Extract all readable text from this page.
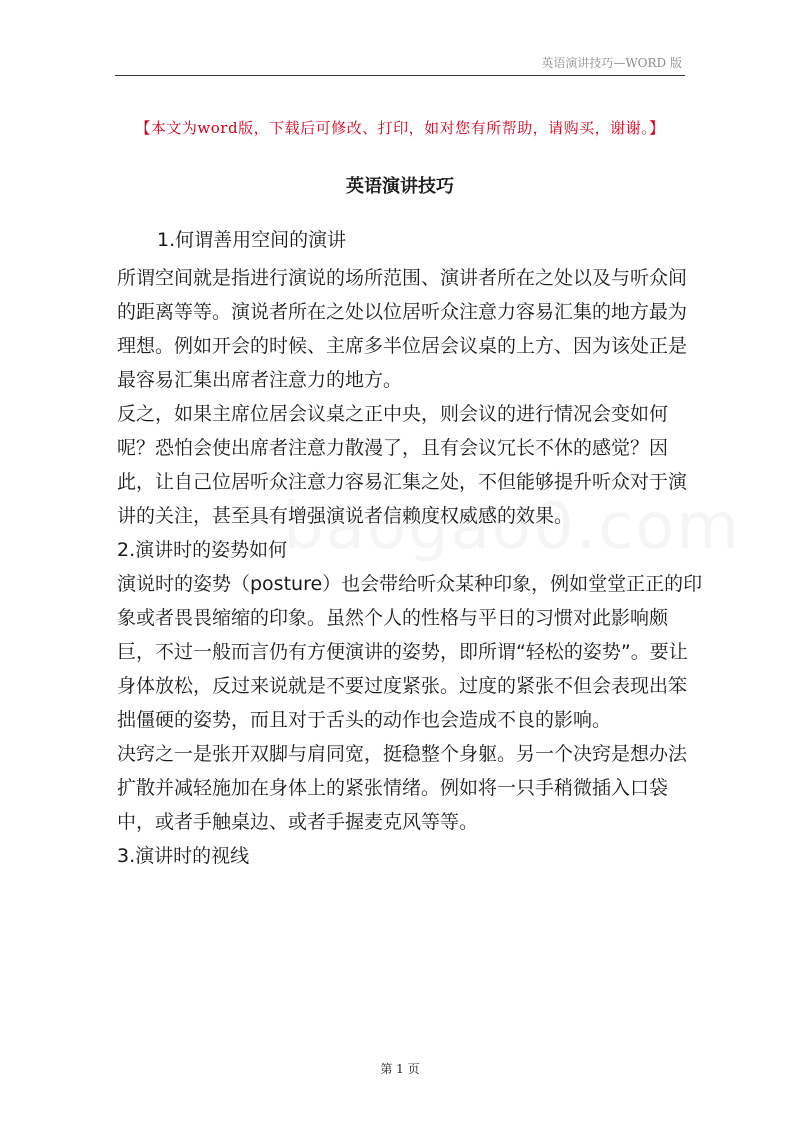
英语演讲技巧—WORD 版
【本文为word版，下载后可修改、打印，如对您有所帮助，请购买，谢谢。】
英语演讲技巧
1.何谓善用空间的演讲
所谓空间就是指进行演说的场所范围、演讲者所在之处以及与听众间
的距离等等。演说者所在之处以位居听众注意力容易汇集的地方最为
理想。例如开会的时候、主席多半位居会议桌的上方、因为该处正是
最容易汇集出席者注意力的地方。
反之，如果主席位居会议桌之正中央，则会议的进行情况会变如何
呢？恐怕会使出席者注意力散漫了，且有会议冗长不休的感觉？因
此，让自己位居听众注意力容易汇集之处，不但能够提升听众对于演
讲的关注，甚至具有增强演说者信赖度权威感的效果。
2.演讲时的姿势如何
演说时的姿势（posture）也会带给听众某种印象，例如堂堂正正的印
象或者畏畏缩缩的印象。虽然个人的性格与平日的习惯对此影响颇
巨，不过一般而言仍有方便演讲的姿势，即所谓“轻松的姿势”。要让
身体放松，反过来说就是不要过度紧张。过度的紧张不但会表现出笨
拙僵硬的姿势，而且对于舌头的动作也会造成不良的影响。
决窍之一是张开双脚与肩同宽，挺稳整个身躯。另一个决窍是想办法
扩散并减轻施加在身体上的紧张情绪。例如将一只手稍微插入口袋
中，或者手触桌边、或者手握麦克风等等。
3.演讲时的视线
第 1 页
